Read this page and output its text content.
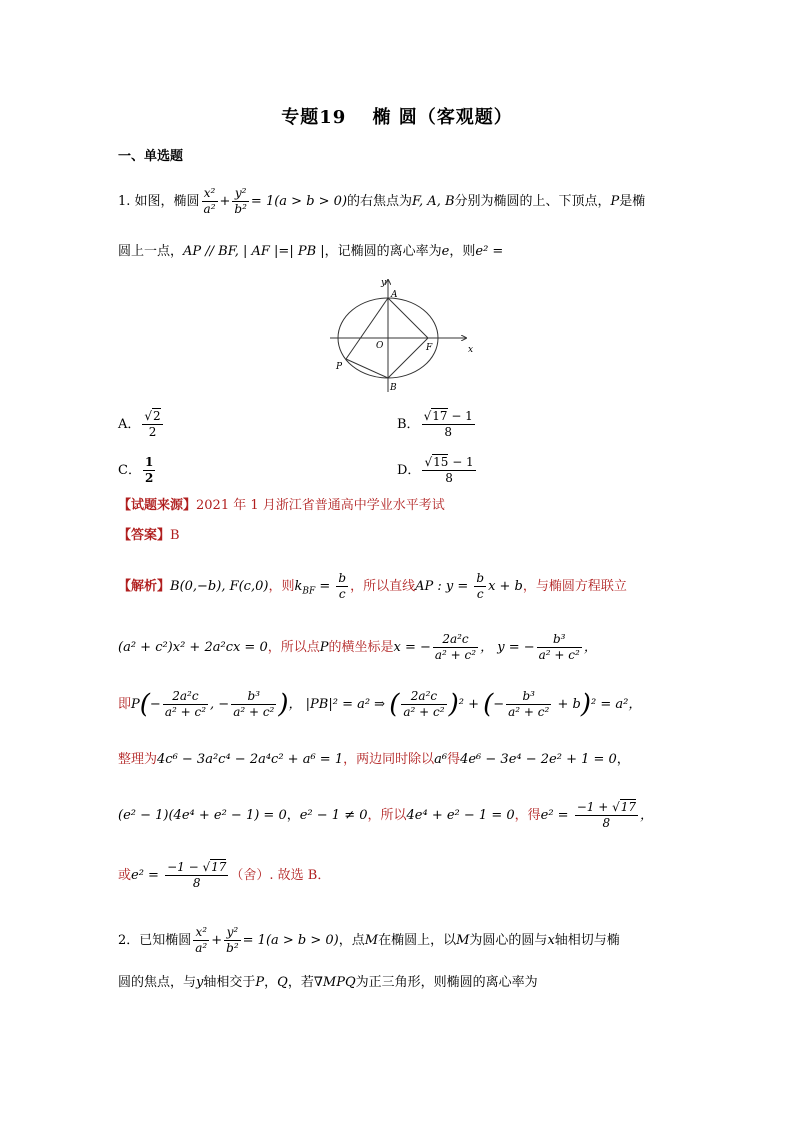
专题19　 椭 圆（客观题）
一、单选题
1. 如图，椭圆 $\frac{\text{x²}}{\text{a²}} + \frac{\text{y²}}{\text{b²}} = 1(a > b > 0)$的右焦点为F, A, B分别为椭圆的上、下顶点，P是椭
圆上一点，AP // BF, | AF |=| PB |，记椭圆的离心率为e，则e² =
y
x
A
B
O	F
P
A． $\frac{√2}{2}$	B． $\frac{√17 - 1}{8}$
C． $\frac{1}{2}$	D． $\frac{√15 - 1}{8}$
【试题来源】2021 年 1 月浙江省普通高中学业水平考试
【答案】B
【解析】B(0,−b), F(c,0)，则$k_{BF} = \frac{b}{c}$ ，所以直线AP : $y = \frac{b}{c}$ x + b，与椭圆方程联立
(a² + c²)x² + 2a²cx = 0，所以点P的横坐标是x = − $\frac{\text{2a²c}}{\text{a² + c²}}$ ， y = − $\frac{\text{b³}}{\text{a² + c²}}$ ，
即$P(- \frac{\text{2a²c}}{\text{a² + c²}}$ , − $\frac{\text{b³}}{\text{a² + c²}}$ )， |PB|² = a² ⇒ ( $\frac{\text{2a²c}}{\text{a² + c²}} )^2$ + (− $\frac{\text{b³}}{\text{a² + c²}} + b)^2 = a^2$，
整理为4c⁶ − 3a²c⁴ − 2a⁴c² + a⁶ = 1，两边同时除以a⁶得4e⁶ − 3e⁴ − 2e² + 1 = 0，
(e² − 1)(4e⁴ + e² − 1) = 0，e² − 1 ≠ 0，所以4e⁴ + e² − 1 = 0，得$e^2 = \frac{-1 + √17}{8}$ ，
或$e^2 = \frac{-1 - √17}{8}$ （舍）. 故选 B．
2．已知椭圆 $\frac{\text{x²}}{\text{a²}} + \frac{\text{y²}}{\text{b²}} = 1(a > b > 0)$，点M在椭圆上，以M为圆心的圆与x轴相切与椭
圆的焦点，与y轴相交于P，Q，若∇MPQ为正三角形，则椭圆的离心率为
